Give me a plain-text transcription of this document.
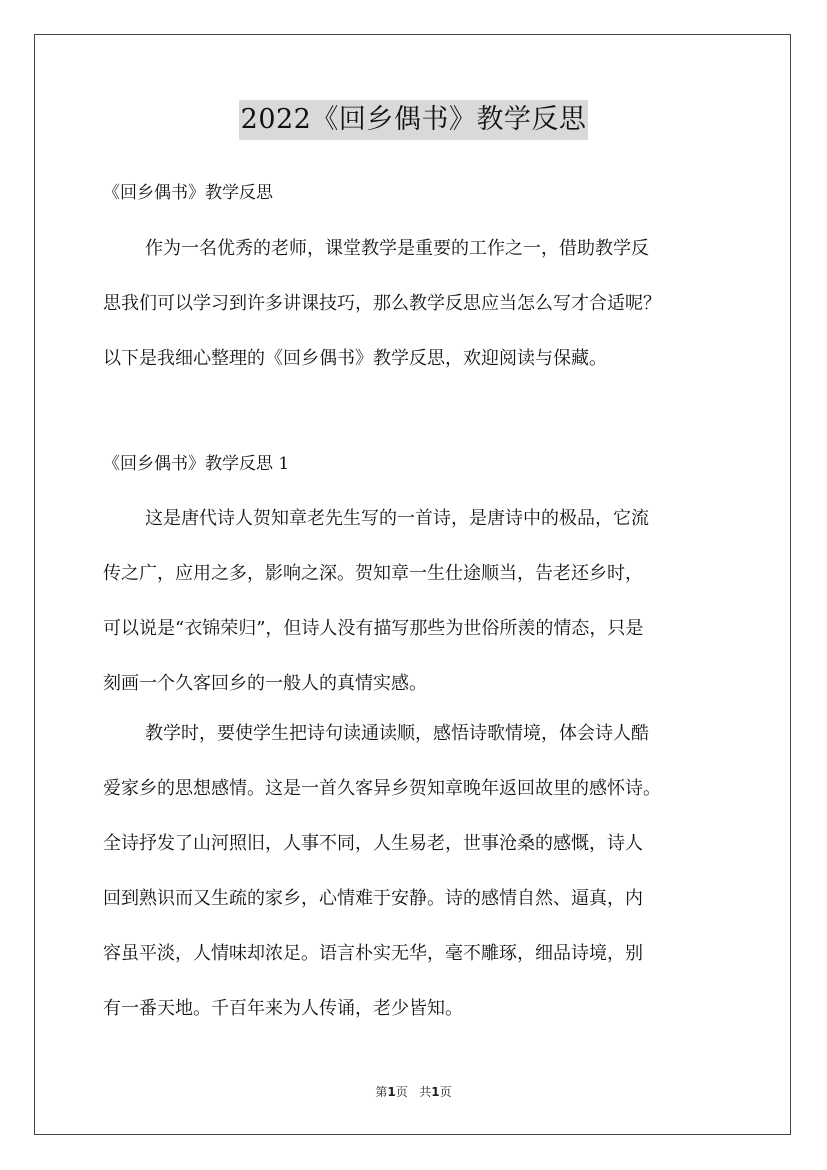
2022《回乡偶书》教学反思
《回乡偶书》教学反思
作为一名优秀的老师，课堂教学是重要的工作之一，借助教学反
思我们可以学习到许多讲课技巧，那么教学反思应当怎么写才合适呢？
以下是我细心整理的《回乡偶书》教学反思，欢迎阅读与保藏。
《回乡偶书》教学反思 1
这是唐代诗人贺知章老先生写的一首诗，是唐诗中的极品，它流
传之广，应用之多，影响之深。贺知章一生仕途顺当，告老还乡时，
可以说是“衣锦荣归”，但诗人没有描写那些为世俗所羡的情态，只是
刻画一个久客回乡的一般人的真情实感。
教学时，要使学生把诗句读通读顺，感悟诗歌情境，体会诗人酷
爱家乡的思想感情。这是一首久客异乡贺知章晚年返回故里的感怀诗。
全诗抒发了山河照旧，人事不同，人生易老，世事沧桑的感慨，诗人
回到熟识而又生疏的家乡，心情难于安静。诗的感情自然、逼真，内
容虽平淡，人情味却浓足。语言朴实无华，毫不雕琢，细品诗境，别
有一番天地。千百年来为人传诵，老少皆知。
第1页 共1页
